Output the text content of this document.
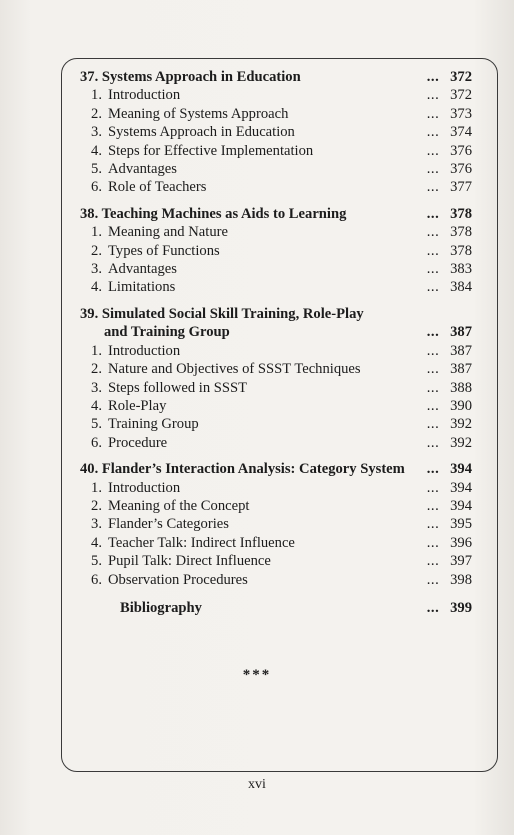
37. Systems Approach in Education	... 372
1. Introduction	... 372
2. Meaning of Systems Approach	... 373
3. Systems Approach in Education	... 374
4. Steps for Effective Implementation	... 376
5. Advantages	... 376
6. Role of Teachers	... 377
38. Teaching Machines as Aids to Learning	... 378
1. Meaning and Nature	... 378
2. Types of Functions	... 378
3. Advantages	... 383
4. Limitations	... 384
39. Simulated Social Skill Training, Role-Play
and Training Group	... 387
1. Introduction	... 387
2. Nature and Objectives of SSST Techniques	... 387
3. Steps followed in SSST	... 388
4. Role-Play	... 390
5. Training Group	... 392
6. Procedure	... 392
40. Flander’s Interaction Analysis: Category System	... 394
1. Introduction	... 394
2. Meaning of the Concept	... 394
3. Flander’s Categories	... 395
4. Teacher Talk: Indirect Influence	... 396
5. Pupil Talk: Direct Influence	... 397
6. Observation Procedures	... 398
Bibliography	... 399
***
xvi
